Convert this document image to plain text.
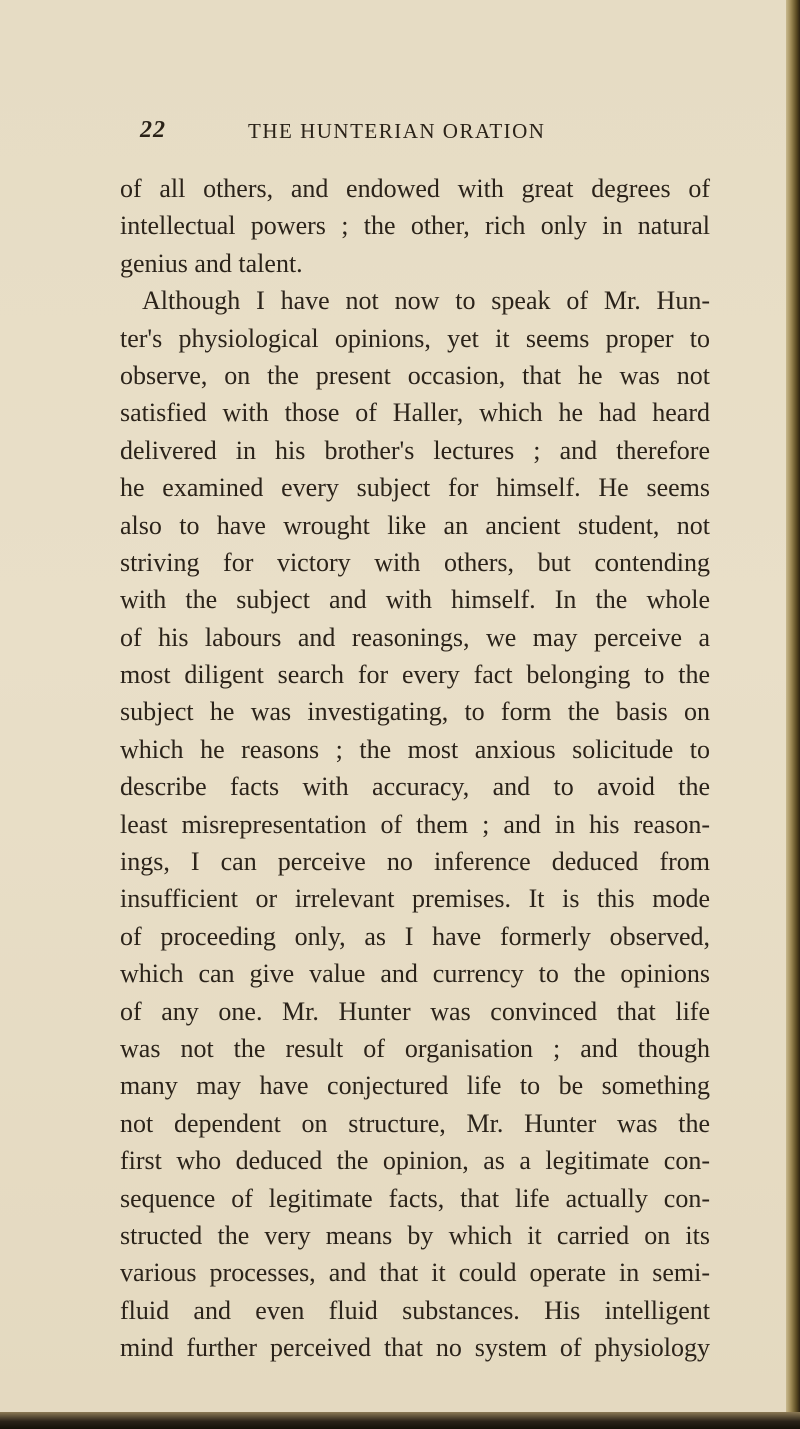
22	THE HUNTERIAN ORATION
of all others, and endowed with great degrees of
intellectual powers ; the other, rich only in natural
genius and talent.
Although I have not now to speak of Mr. Hun-
ter's physiological opinions, yet it seems proper to
observe, on the present occasion, that he was not
satisfied with those of Haller, which he had heard
delivered in his brother's lectures ; and therefore
he examined every subject for himself. He seems
also to have wrought like an ancient student, not
striving for victory with others, but contending
with the subject and with himself. In the whole
of his labours and reasonings, we may perceive a
most diligent search for every fact belonging to the
subject he was investigating, to form the basis on
which he reasons ; the most anxious solicitude to
describe facts with accuracy, and to avoid the
least misrepresentation of them ; and in his reason-
ings, I can perceive no inference deduced from
insufficient or irrelevant premises. It is this mode
of proceeding only, as I have formerly observed,
which can give value and currency to the opinions
of any one. Mr. Hunter was convinced that life
was not the result of organisation ; and though
many may have conjectured life to be something
not dependent on structure, Mr. Hunter was the
first who deduced the opinion, as a legitimate con-
sequence of legitimate facts, that life actually con-
structed the very means by which it carried on its
various processes, and that it could operate in semi-
fluid and even fluid substances. His intelligent
mind further perceived that no system of physiology
